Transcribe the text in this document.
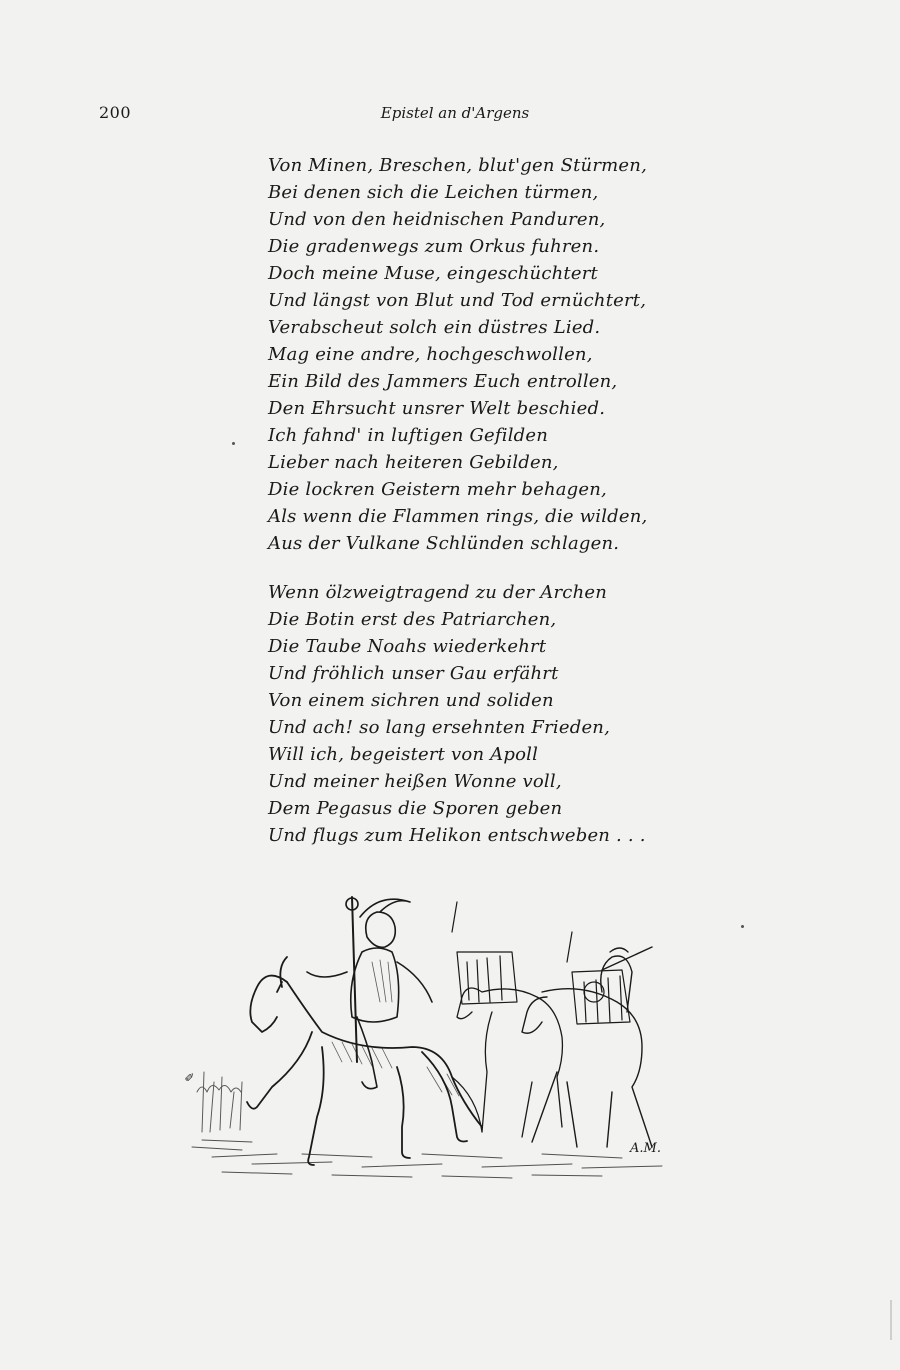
200	Epistel an d'Argens
Von Minen, Breschen, blut'gen Stürmen,
Bei denen sich die Leichen türmen,
Und von den heidnischen Panduren,
Die gradenwegs zum Orkus fuhren.
Doch meine Muse, eingeschüchtert
Und längst von Blut und Tod ernüchtert,
Verabscheut solch ein düstres Lied.
Mag eine andre, hochgeschwollen,
Ein Bild des Jammers Euch entrollen,
Den Ehrsucht unsrer Welt beschied.
Ich fahnd' in luftigen Gefilden
Lieber nach heiteren Gebilden,
Die lockren Geistern mehr behagen,
Als wenn die Flammen rings, die wilden,
Aus der Vulkane Schlünden schlagen.
Wenn ölzweigtragend zu der Archen
Die Botin erst des Patriarchen,
Die Taube Noahs wiederkehrt
Und fröhlich unser Gau erfährt
Von einem sichren und soliden
Und ach! so lang ersehnten Frieden,
Will ich, begeistert von Apoll
Und meiner heißen Wonne voll,
Dem Pegasus die Sporen geben
Und flugs zum Helikon entschweben . . .
✎
A.M.
